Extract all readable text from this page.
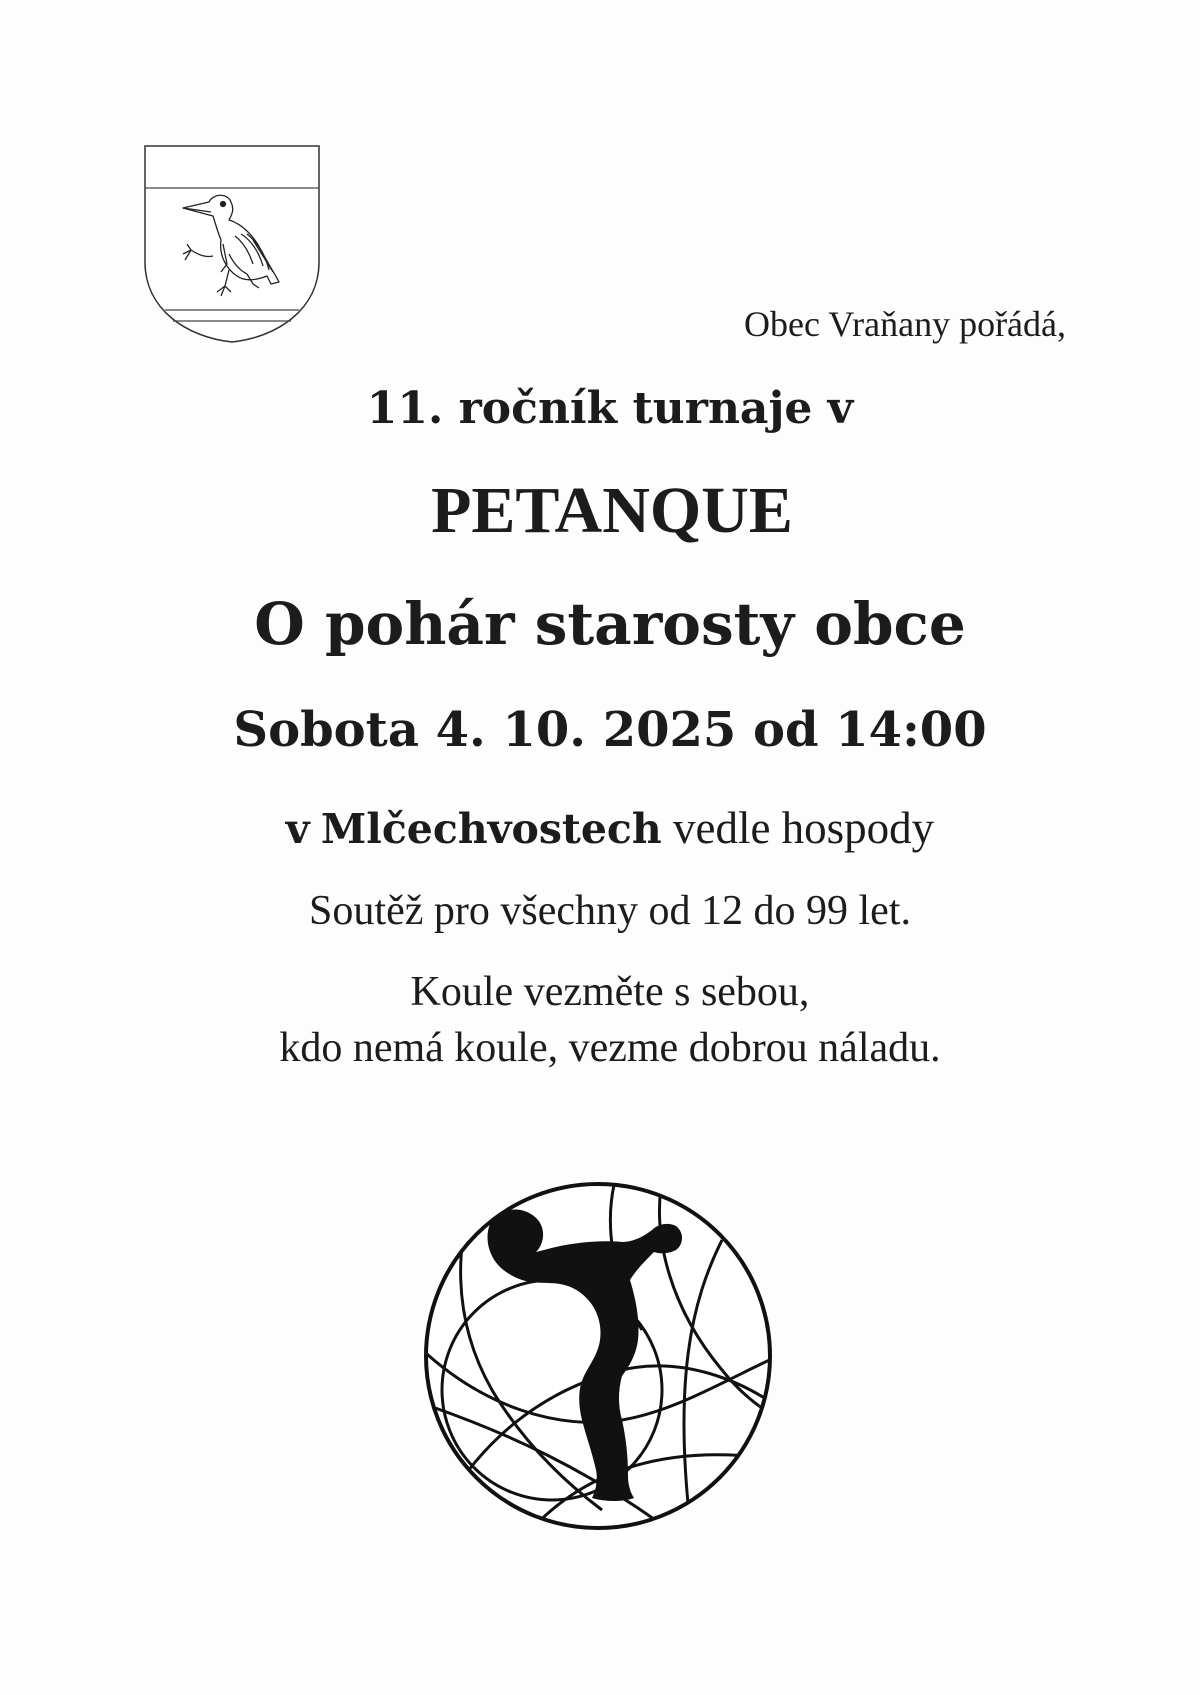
Obec Vraňany pořádá,
11. ročník turnaje v
PETANQUE
O pohár starosty obce
Sobota 4. 10. 2025 od 14:00
v Mlčechvostech vedle hospody
Soutěž pro všechny od 12 do 99 let.
Koule vezměte s sebou,
kdo nemá koule, vezme dobrou náladu.
